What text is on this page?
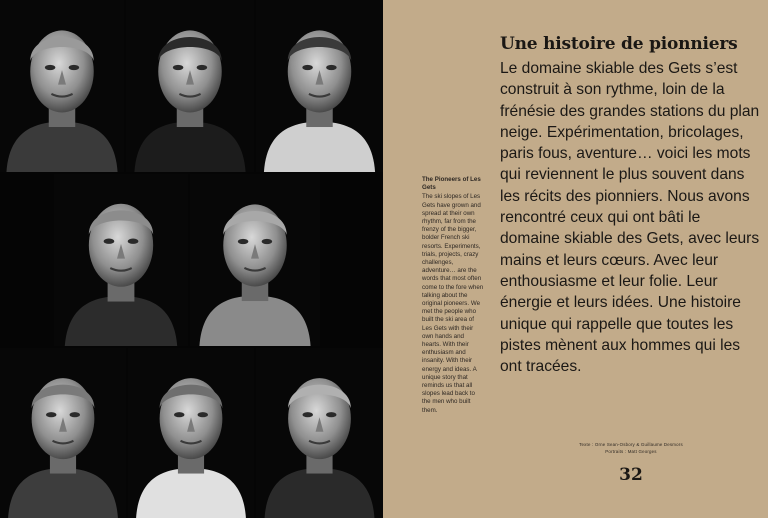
The Pioneers of Les Gets

The ski slopes of Les Gets have grown and spread at their own rhythm, far from the frenzy of the bigger, bolder French ski resorts. Experiments, trials, projects, crazy challenges, adventure… are the words that most often come to the fore when talking about the original pioneers. We met the people who built the ski area of Les Gets with their own hands and hearts. With their enthusiasm and insanity. With their energy and ideas. A unique story that reminds us that all slopes lead back to the men who built them.

Une histoire de pionniers

Le domaine skiable des Gets s’est construit à son rythme, loin de la frénésie des grandes stations du plan neige. Expérimentation, bricolages, paris fous, aventure… voici les mots qui reviennent le plus souvent dans les récits des pionniers. Nous avons rencontré ceux qui ont bâti le domaine skiable des Gets, avec leurs mains et leurs cœurs. Avec leur enthousiasme et leur folie. Leur énergie et leurs idées. Une histoire unique qui rappelle que toutes les pistes mènent aux hommes qui les ont tracées.

Texte : Orne Sean-Osbory & Guillaume Desmors
Portraits : Matt Georges
32
